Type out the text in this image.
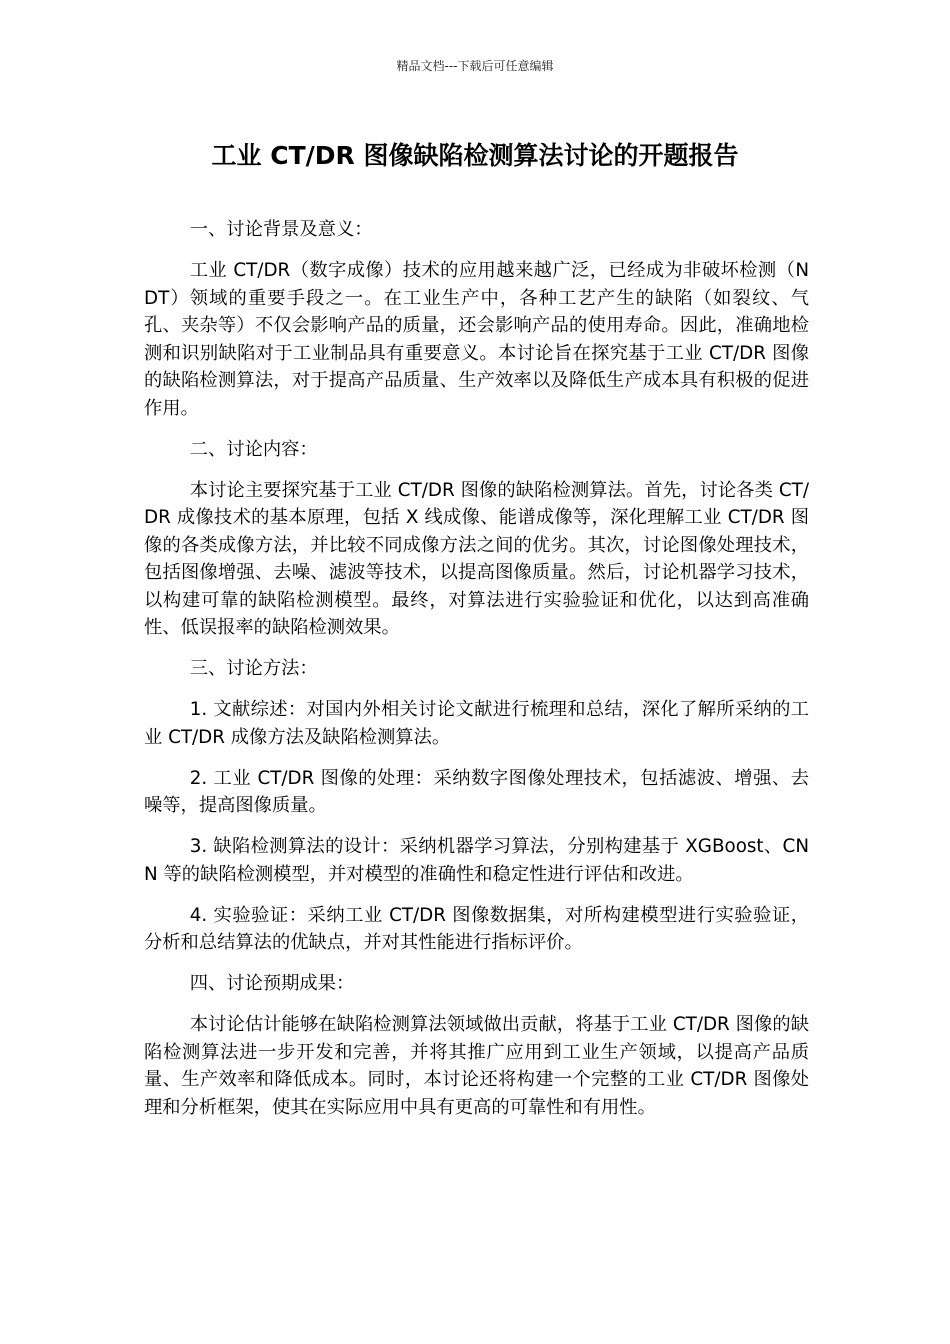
精品文档---下载后可任意编辑
工业 CT/DR 图像缺陷检测算法讨论的开题报告

一、讨论背景及意义：

工业 CT/DR（数字成像）技术的应用越来越广泛，已经成为非破坏检测（NDT）领域的重要手段之一。在工业生产中，各种工艺产生的缺陷（如裂纹、气孔、夹杂等）不仅会影响产品的质量，还会影响产品的使用寿命。因此，准确地检测和识别缺陷对于工业制品具有重要意义。本讨论旨在探究基于工业 CT/DR 图像的缺陷检测算法，对于提高产品质量、生产效率以及降低生产成本具有积极的促进作用。

二、讨论内容：

本讨论主要探究基于工业 CT/DR 图像的缺陷检测算法。首先，讨论各类 CT/DR 成像技术的基本原理，包括 X 线成像、能谱成像等，深化理解工业 CT/DR 图像的各类成像方法，并比较不同成像方法之间的优劣。其次，讨论图像处理技术，包括图像增强、去噪、滤波等技术，以提高图像质量。然后，讨论机器学习技术，以构建可靠的缺陷检测模型。最终，对算法进行实验验证和优化，以达到高准确性、低误报率的缺陷检测效果。

三、讨论方法：

1. 文献综述：对国内外相关讨论文献进行梳理和总结，深化了解所采纳的工业 CT/DR 成像方法及缺陷检测算法。

2. 工业 CT/DR 图像的处理：采纳数字图像处理技术，包括滤波、增强、去噪等，提高图像质量。

3. 缺陷检测算法的设计：采纳机器学习算法，分别构建基于 XGBoost、CNN 等的缺陷检测模型，并对模型的准确性和稳定性进行评估和改进。

4. 实验验证：采纳工业 CT/DR 图像数据集，对所构建模型进行实验验证，分析和总结算法的优缺点，并对其性能进行指标评价。

四、讨论预期成果：

本讨论估计能够在缺陷检测算法领域做出贡献，将基于工业 CT/DR 图像的缺陷检测算法进一步开发和完善，并将其推广应用到工业生产领域，以提高产品质量、生产效率和降低成本。同时，本讨论还将构建一个完整的工业 CT/DR 图像处理和分析框架，使其在实际应用中具有更高的可靠性和有用性。
